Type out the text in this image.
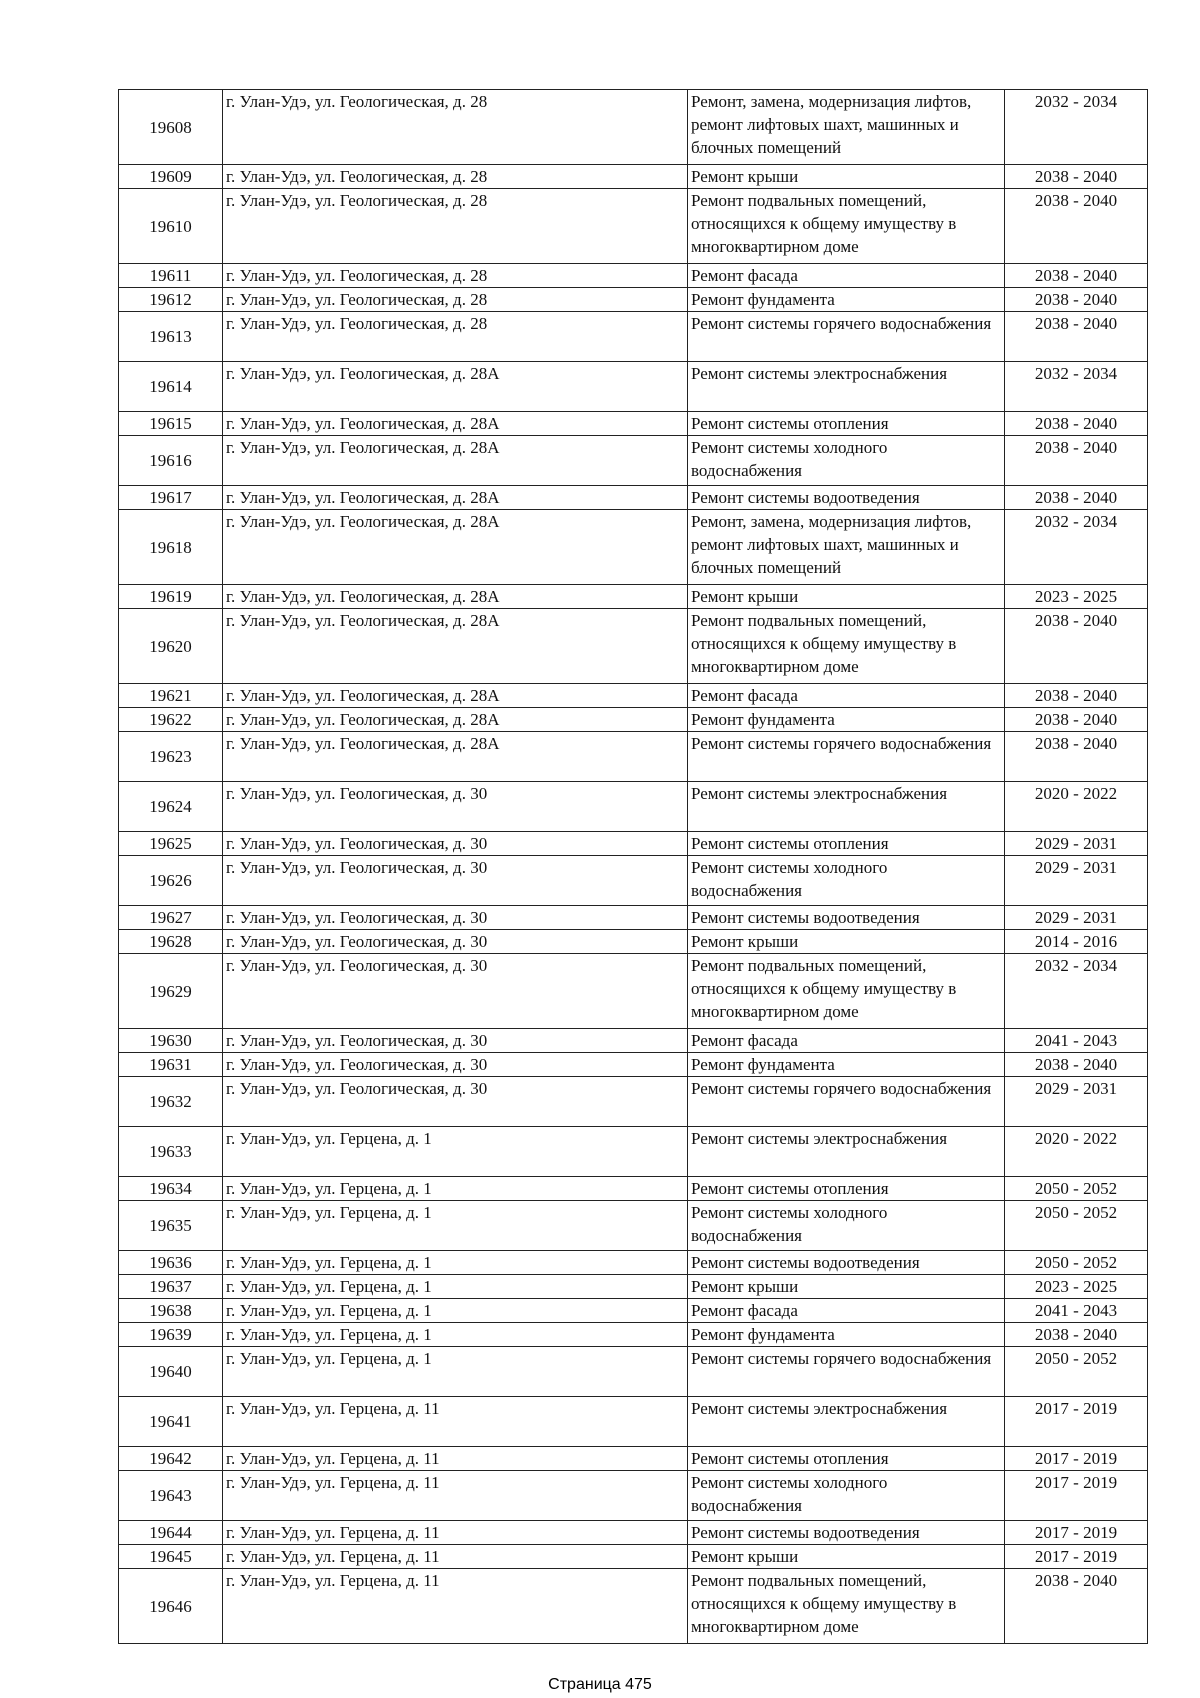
19608	г. Улан-Удэ, ул. Геологическая, д. 28	Ремонт, замена, модернизация лифтов, ремонт лифтовых шахт, машинных и блочных помещений	2032 - 2034
19609	г. Улан-Удэ, ул. Геологическая, д. 28	Ремонт крыши	2038 - 2040
19610	г. Улан-Удэ, ул. Геологическая, д. 28	Ремонт подвальных помещений, относящихся к общему имуществу в многоквартирном доме	2038 - 2040
19611	г. Улан-Удэ, ул. Геологическая, д. 28	Ремонт фасада	2038 - 2040
19612	г. Улан-Удэ, ул. Геологическая, д. 28	Ремонт фундамента	2038 - 2040
19613	г. Улан-Удэ, ул. Геологическая, д. 28	Ремонт системы горячего водоснабжения	2038 - 2040
19614	г. Улан-Удэ, ул. Геологическая, д. 28А	Ремонт системы электроснабжения	2032 - 2034
19615	г. Улан-Удэ, ул. Геологическая, д. 28А	Ремонт системы отопления	2038 - 2040
19616	г. Улан-Удэ, ул. Геологическая, д. 28А	Ремонт системы холодного водоснабжения	2038 - 2040
19617	г. Улан-Удэ, ул. Геологическая, д. 28А	Ремонт системы водоотведения	2038 - 2040
19618	г. Улан-Удэ, ул. Геологическая, д. 28А	Ремонт, замена, модернизация лифтов, ремонт лифтовых шахт, машинных и блочных помещений	2032 - 2034
19619	г. Улан-Удэ, ул. Геологическая, д. 28А	Ремонт крыши	2023 - 2025
19620	г. Улан-Удэ, ул. Геологическая, д. 28А	Ремонт подвальных помещений, относящихся к общему имуществу в многоквартирном доме	2038 - 2040
19621	г. Улан-Удэ, ул. Геологическая, д. 28А	Ремонт фасада	2038 - 2040
19622	г. Улан-Удэ, ул. Геологическая, д. 28А	Ремонт фундамента	2038 - 2040
19623	г. Улан-Удэ, ул. Геологическая, д. 28А	Ремонт системы горячего водоснабжения	2038 - 2040
19624	г. Улан-Удэ, ул. Геологическая, д. 30	Ремонт системы электроснабжения	2020 - 2022
19625	г. Улан-Удэ, ул. Геологическая, д. 30	Ремонт системы отопления	2029 - 2031
19626	г. Улан-Удэ, ул. Геологическая, д. 30	Ремонт системы холодного водоснабжения	2029 - 2031
19627	г. Улан-Удэ, ул. Геологическая, д. 30	Ремонт системы водоотведения	2029 - 2031
19628	г. Улан-Удэ, ул. Геологическая, д. 30	Ремонт крыши	2014 - 2016
19629	г. Улан-Удэ, ул. Геологическая, д. 30	Ремонт подвальных помещений, относящихся к общему имуществу в многоквартирном доме	2032 - 2034
19630	г. Улан-Удэ, ул. Геологическая, д. 30	Ремонт фасада	2041 - 2043
19631	г. Улан-Удэ, ул. Геологическая, д. 30	Ремонт фундамента	2038 - 2040
19632	г. Улан-Удэ, ул. Геологическая, д. 30	Ремонт системы горячего водоснабжения	2029 - 2031
19633	г. Улан-Удэ, ул. Герцена, д. 1	Ремонт системы электроснабжения	2020 - 2022
19634	г. Улан-Удэ, ул. Герцена, д. 1	Ремонт системы отопления	2050 - 2052
19635	г. Улан-Удэ, ул. Герцена, д. 1	Ремонт системы холодного водоснабжения	2050 - 2052
19636	г. Улан-Удэ, ул. Герцена, д. 1	Ремонт системы водоотведения	2050 - 2052
19637	г. Улан-Удэ, ул. Герцена, д. 1	Ремонт крыши	2023 - 2025
19638	г. Улан-Удэ, ул. Герцена, д. 1	Ремонт фасада	2041 - 2043
19639	г. Улан-Удэ, ул. Герцена, д. 1	Ремонт фундамента	2038 - 2040
19640	г. Улан-Удэ, ул. Герцена, д. 1	Ремонт системы горячего водоснабжения	2050 - 2052
19641	г. Улан-Удэ, ул. Герцена, д. 11	Ремонт системы электроснабжения	2017 - 2019
19642	г. Улан-Удэ, ул. Герцена, д. 11	Ремонт системы отопления	2017 - 2019
19643	г. Улан-Удэ, ул. Герцена, д. 11	Ремонт системы холодного водоснабжения	2017 - 2019
19644	г. Улан-Удэ, ул. Герцена, д. 11	Ремонт системы водоотведения	2017 - 2019
19645	г. Улан-Удэ, ул. Герцена, д. 11	Ремонт крыши	2017 - 2019
19646	г. Улан-Удэ, ул. Герцена, д. 11	Ремонт подвальных помещений, относящихся к общему имуществу в многоквартирном доме	2038 - 2040
Страница 475
